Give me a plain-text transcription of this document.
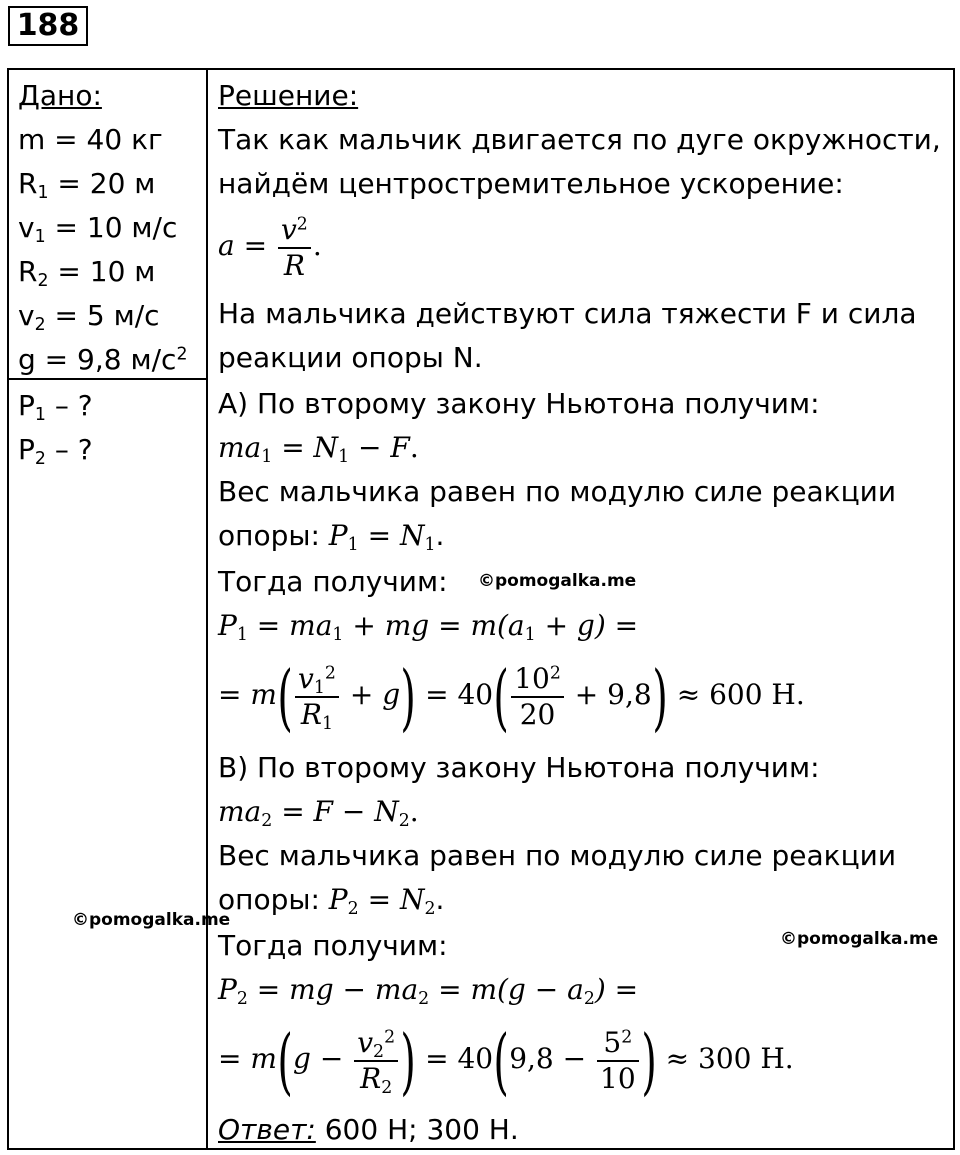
188
Дано:
m = 40 кг
$R_1 = 20$ м
$v_1 = 10$ м/с
$R_2 = 10$ м
$v_2 = 5$ м/с
g = 9,8 $м/с^2$
$P_1$ – ?
$P_2$ – ?
Решение:
Так как мальчик двигается по дуге окружности,
найдём центростремительное ускорение:
$a = \frac{v^2}{R}$ .
На мальчика действуют сила тяжести F и сила
реакции опоры N.
А) По второму закону Ньютона получим:
$ma_1 = N_1 - F$.
Вес мальчика равен по модулю силе реакции
опоры: $P_1 = N_1$.
Тогда получим: ©pomogalka.me
$P_1 = ma_1$ + mg = $m(a_1 + g)$ =
= $m( \frac{v_1^2}{R_1} + g) = 40( \frac{10^2}{20} + 9,8) \approx 600$ Н.
В) По второму закону Ньютона получим:
$ma_2 = F - N_2$.
Вес мальчика равен по модулю силе реакции
опоры: $P_2 = N_2$.
©pomogalka.me
Тогда получим:	©pomogalka.me
$P_2$ = mg − $ma_2 = m(g - a_2)$ =
= $m(g - \frac{v_2^2}{R_2}$ ) = $40(9,8 - \frac{5^2}{10}$ ) ≈ 300 Н.
Ответ: 600 Н; 300 Н.
